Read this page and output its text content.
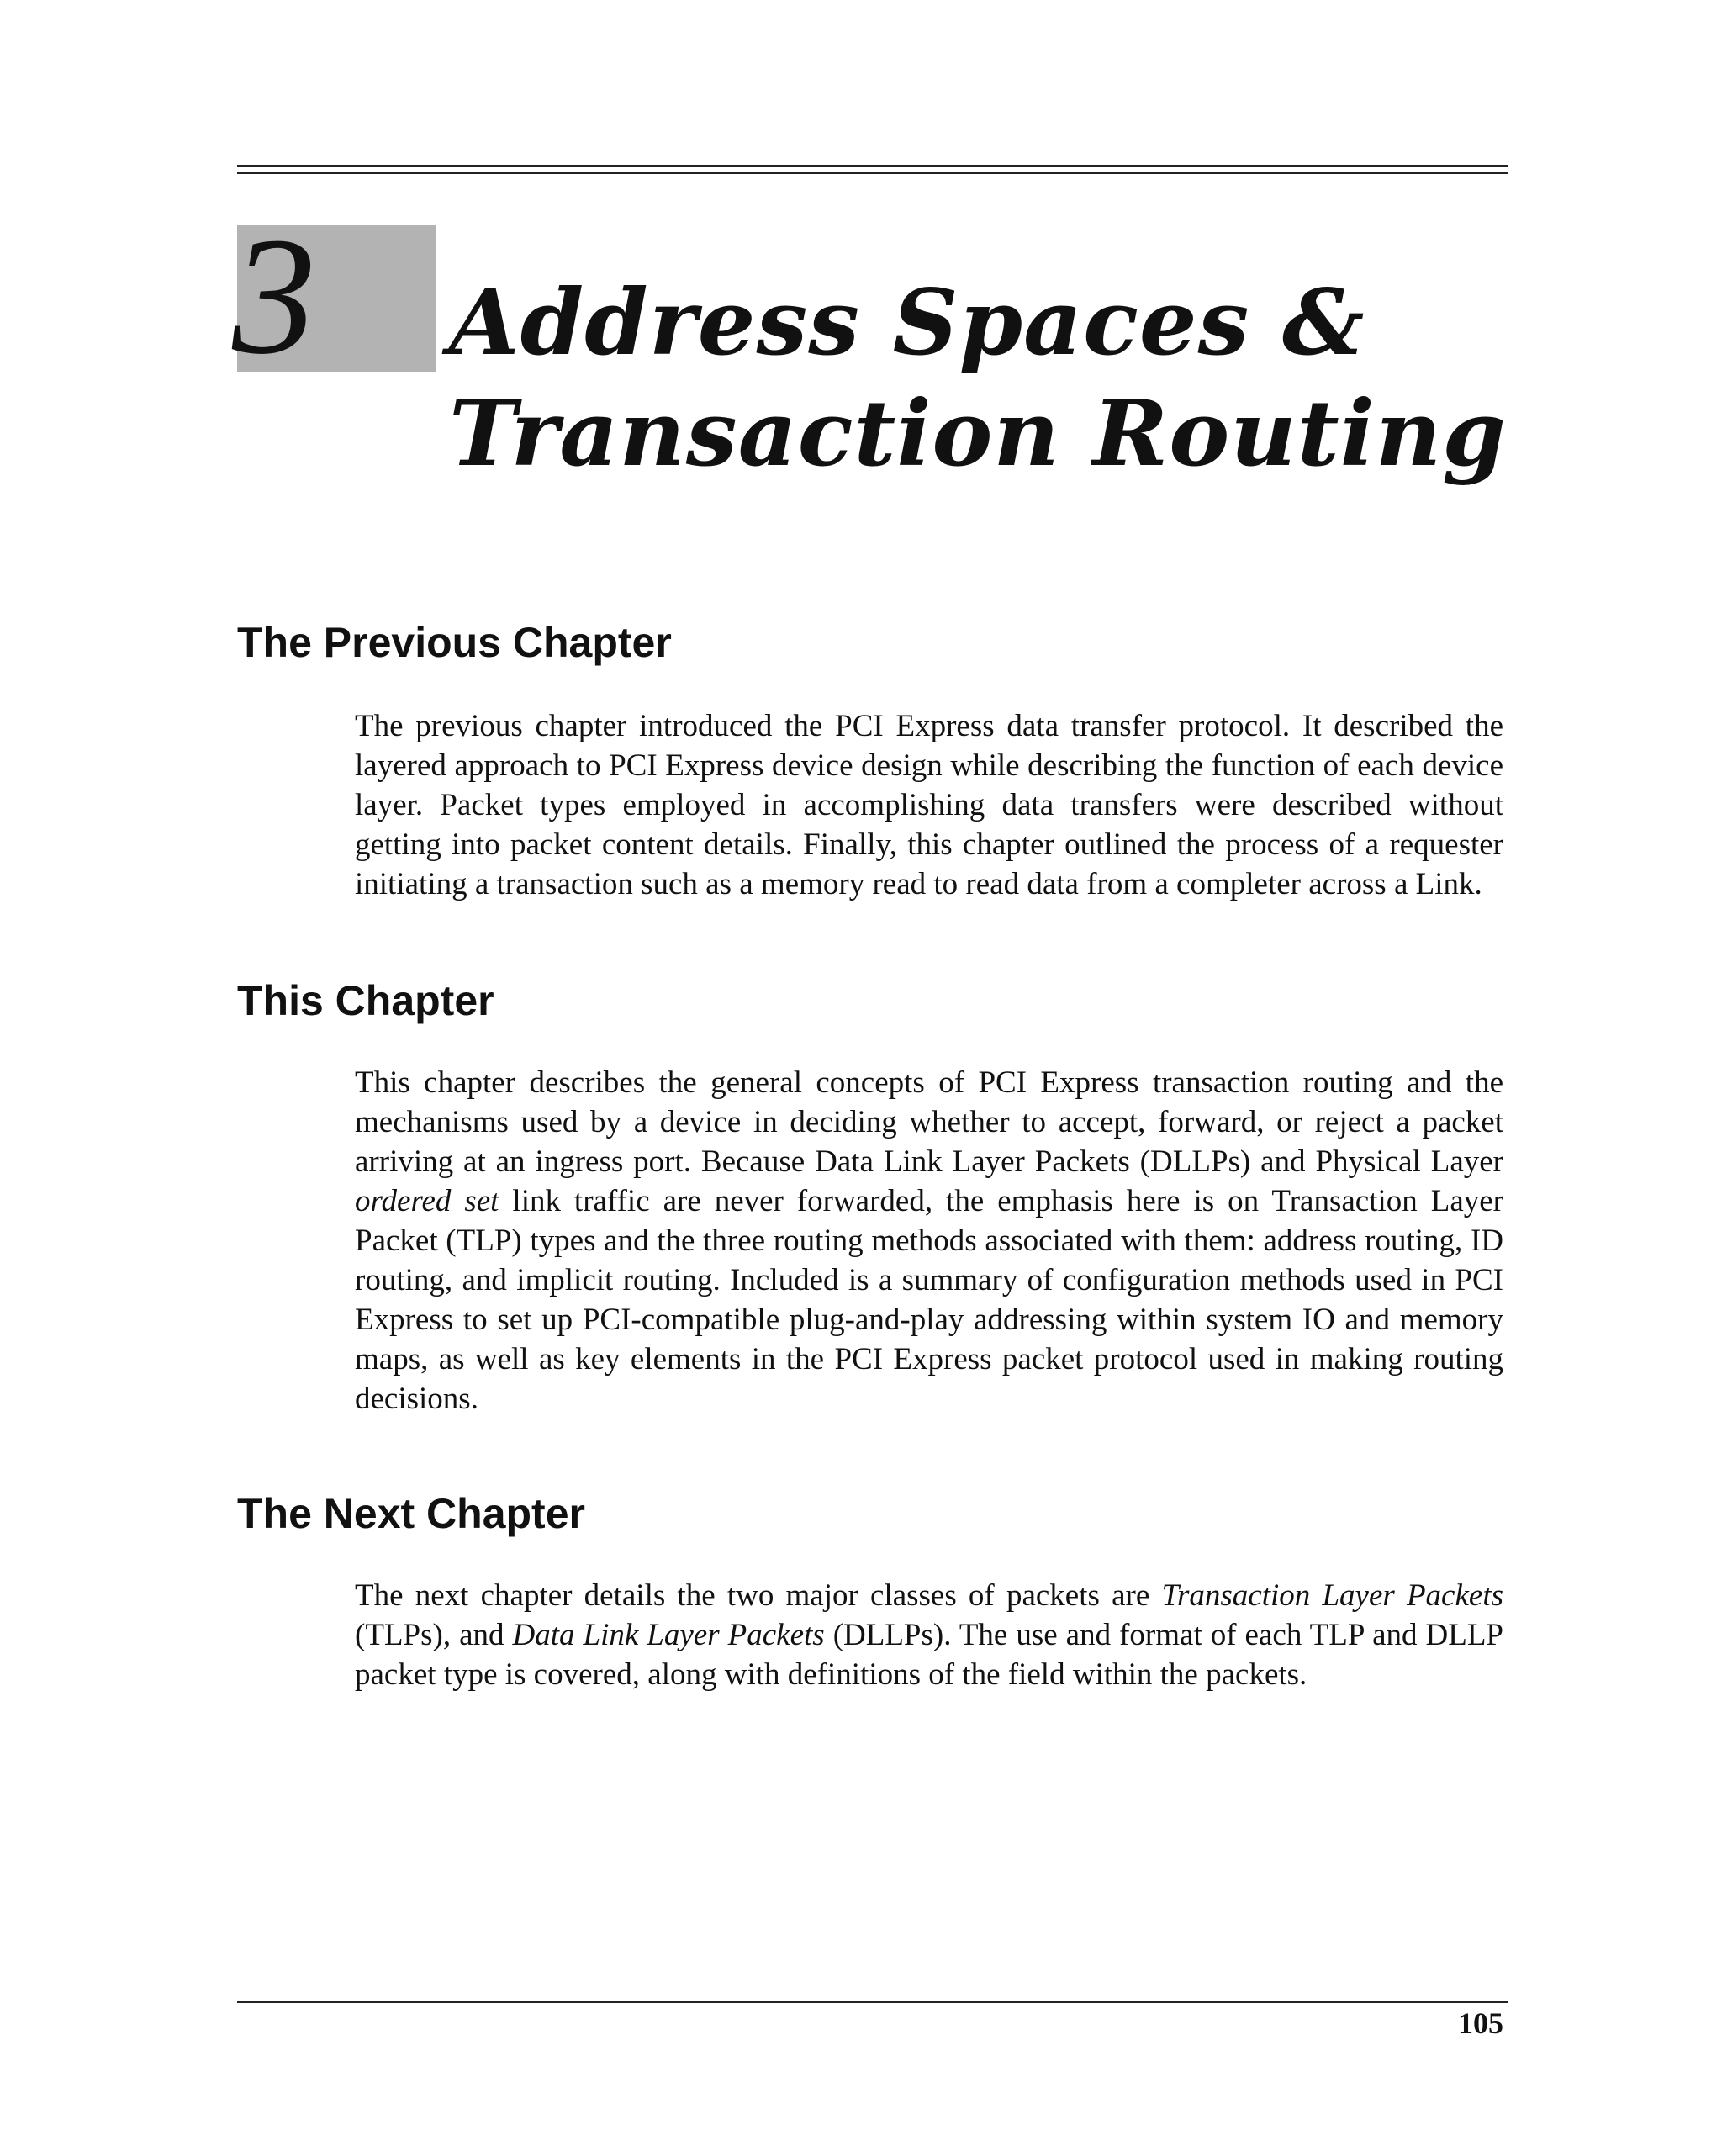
3 Address Spaces &
Transaction Routing
The Previous Chapter

The previous chapter introduced the PCI Express data transfer protocol. It described the layered approach to PCI Express device design while describing the function of each device layer. Packet types employed in accomplishing data transfers were described without getting into packet content details. Finally, this chapter outlined the process of a requester initiating a transaction such as a memory read to read data from a completer across a Link.

This Chapter

This chapter describes the general concepts of PCI Express transaction routing and the mechanisms used by a device in deciding whether to accept, forward, or reject a packet arriving at an ingress port. Because Data Link Layer Packets (DLLPs) and Physical Layer ordered set link traffic are never forwarded, the emphasis here is on Transaction Layer Packet (TLP) types and the three routing methods associated with them: address routing, ID routing, and implicit routing. Included is a summary of configuration methods used in PCI Express to set up PCI-compatible plug-and-play addressing within system IO and memory maps, as well as key elements in the PCI Express packet protocol used in making routing decisions.

The Next Chapter

The next chapter details the two major classes of packets are Transaction Layer Packets (TLPs), and Data Link Layer Packets (DLLPs). The use and format of each TLP and DLLP packet type is covered, along with definitions of the field within the packets.

105
